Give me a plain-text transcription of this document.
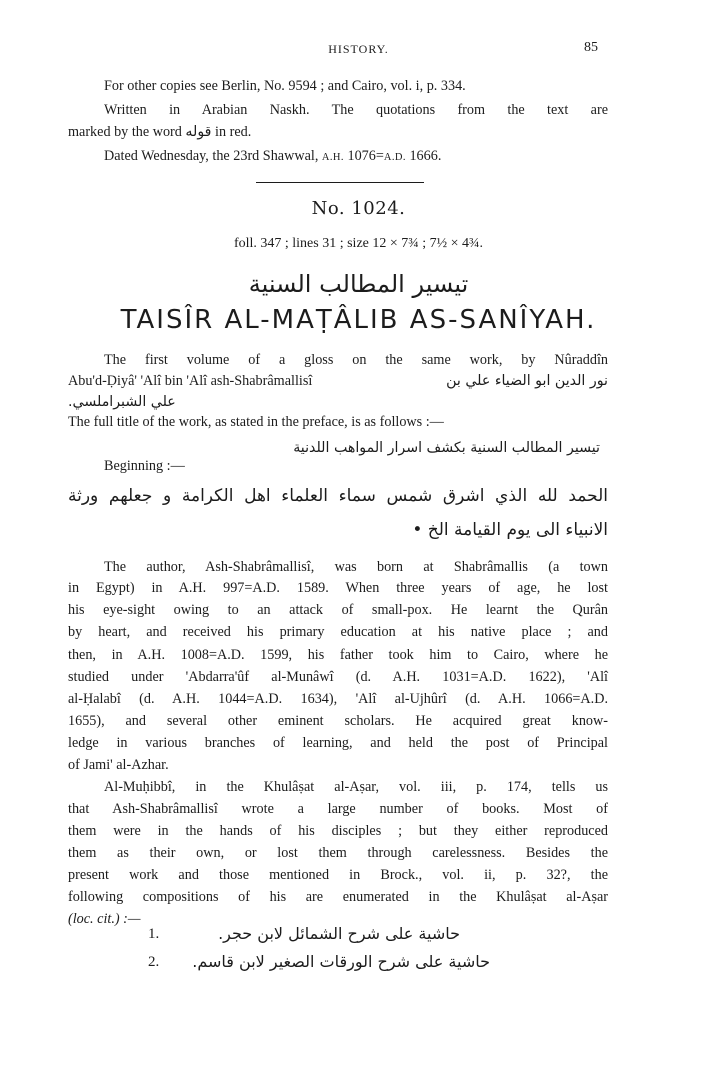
HISTORY.	85
For other copies see Berlin, No. 9594 ; and Cairo, vol. i, p. 334.
Written in Arabian Naskh. The quotations from the text are
marked by the word قوله in red.
Dated Wednesday, the 23rd Shawwal, A.H. 1076=A.D. 1666.
No. 1024.
foll. 347 ; lines 31 ; size 12 × 7¾ ; 7½ × 4¾.
تيسير المطالب السنية
TAISÎR AL-MAṬÂLIB AS-SANÎYAH.
The first volume of a gloss on the same work, by Nûraddîn
Abu'd-Ḍiyâ' 'Alî bin 'Alî ash-Shabrâmallisî	نور الدين ابو الضياء علي بن
علي الشبراملسي.
The full title of the work, as stated in the preface, is as follows :—
تيسير المطالب السنية بكشف اسرار المواهب اللدنية
Beginning :—
الحمد لله الذي اشرق شمس سماء العلماء اهل الكرامة و جعلهم ورثة
الانبياء الى يوم القيامة الخ •
The author, Ash-Shabrâmallisî, was born at Shabrâmallis (a town
in Egypt) in A.H. 997=A.D. 1589. When three years of age, he lost
his eye-sight owing to an attack of small-pox. He learnt the Qurân
by heart, and received his primary education at his native place ; and
then, in A.H. 1008=A.D. 1599, his father took him to Cairo, where he
studied under 'Abdarra'ûf al-Munâwî (d. A.H. 1031=A.D. 1622), 'Alî
al-Ḥalabî (d. A.H. 1044=A.D. 1634), 'Alî al-Ujhûrî (d. A.H. 1066=A.D.
1655), and several other eminent scholars. He acquired great know-
ledge in various branches of learning, and held the post of Principal
of Jami' al-Azhar.
Al-Muḥibbî, in the Khulâṣat al-Aṣar, vol. iii, p. 174, tells us
that Ash-Shabrâmallisî wrote a large number of books. Most of
them were in the hands of his disciples ; but they either reproduced
them as their own, or lost them through carelessness. Besides the
present work and those mentioned in Brock., vol. ii, p. 32?, the
following compositions of his are enumerated in the Khulâṣat al-Aṣar
(loc. cit.) :—
1.	حاشية على شرح الشمائل لابن حجر.
2.	حاشية على شرح الورقات الصغير لابن قاسم.
